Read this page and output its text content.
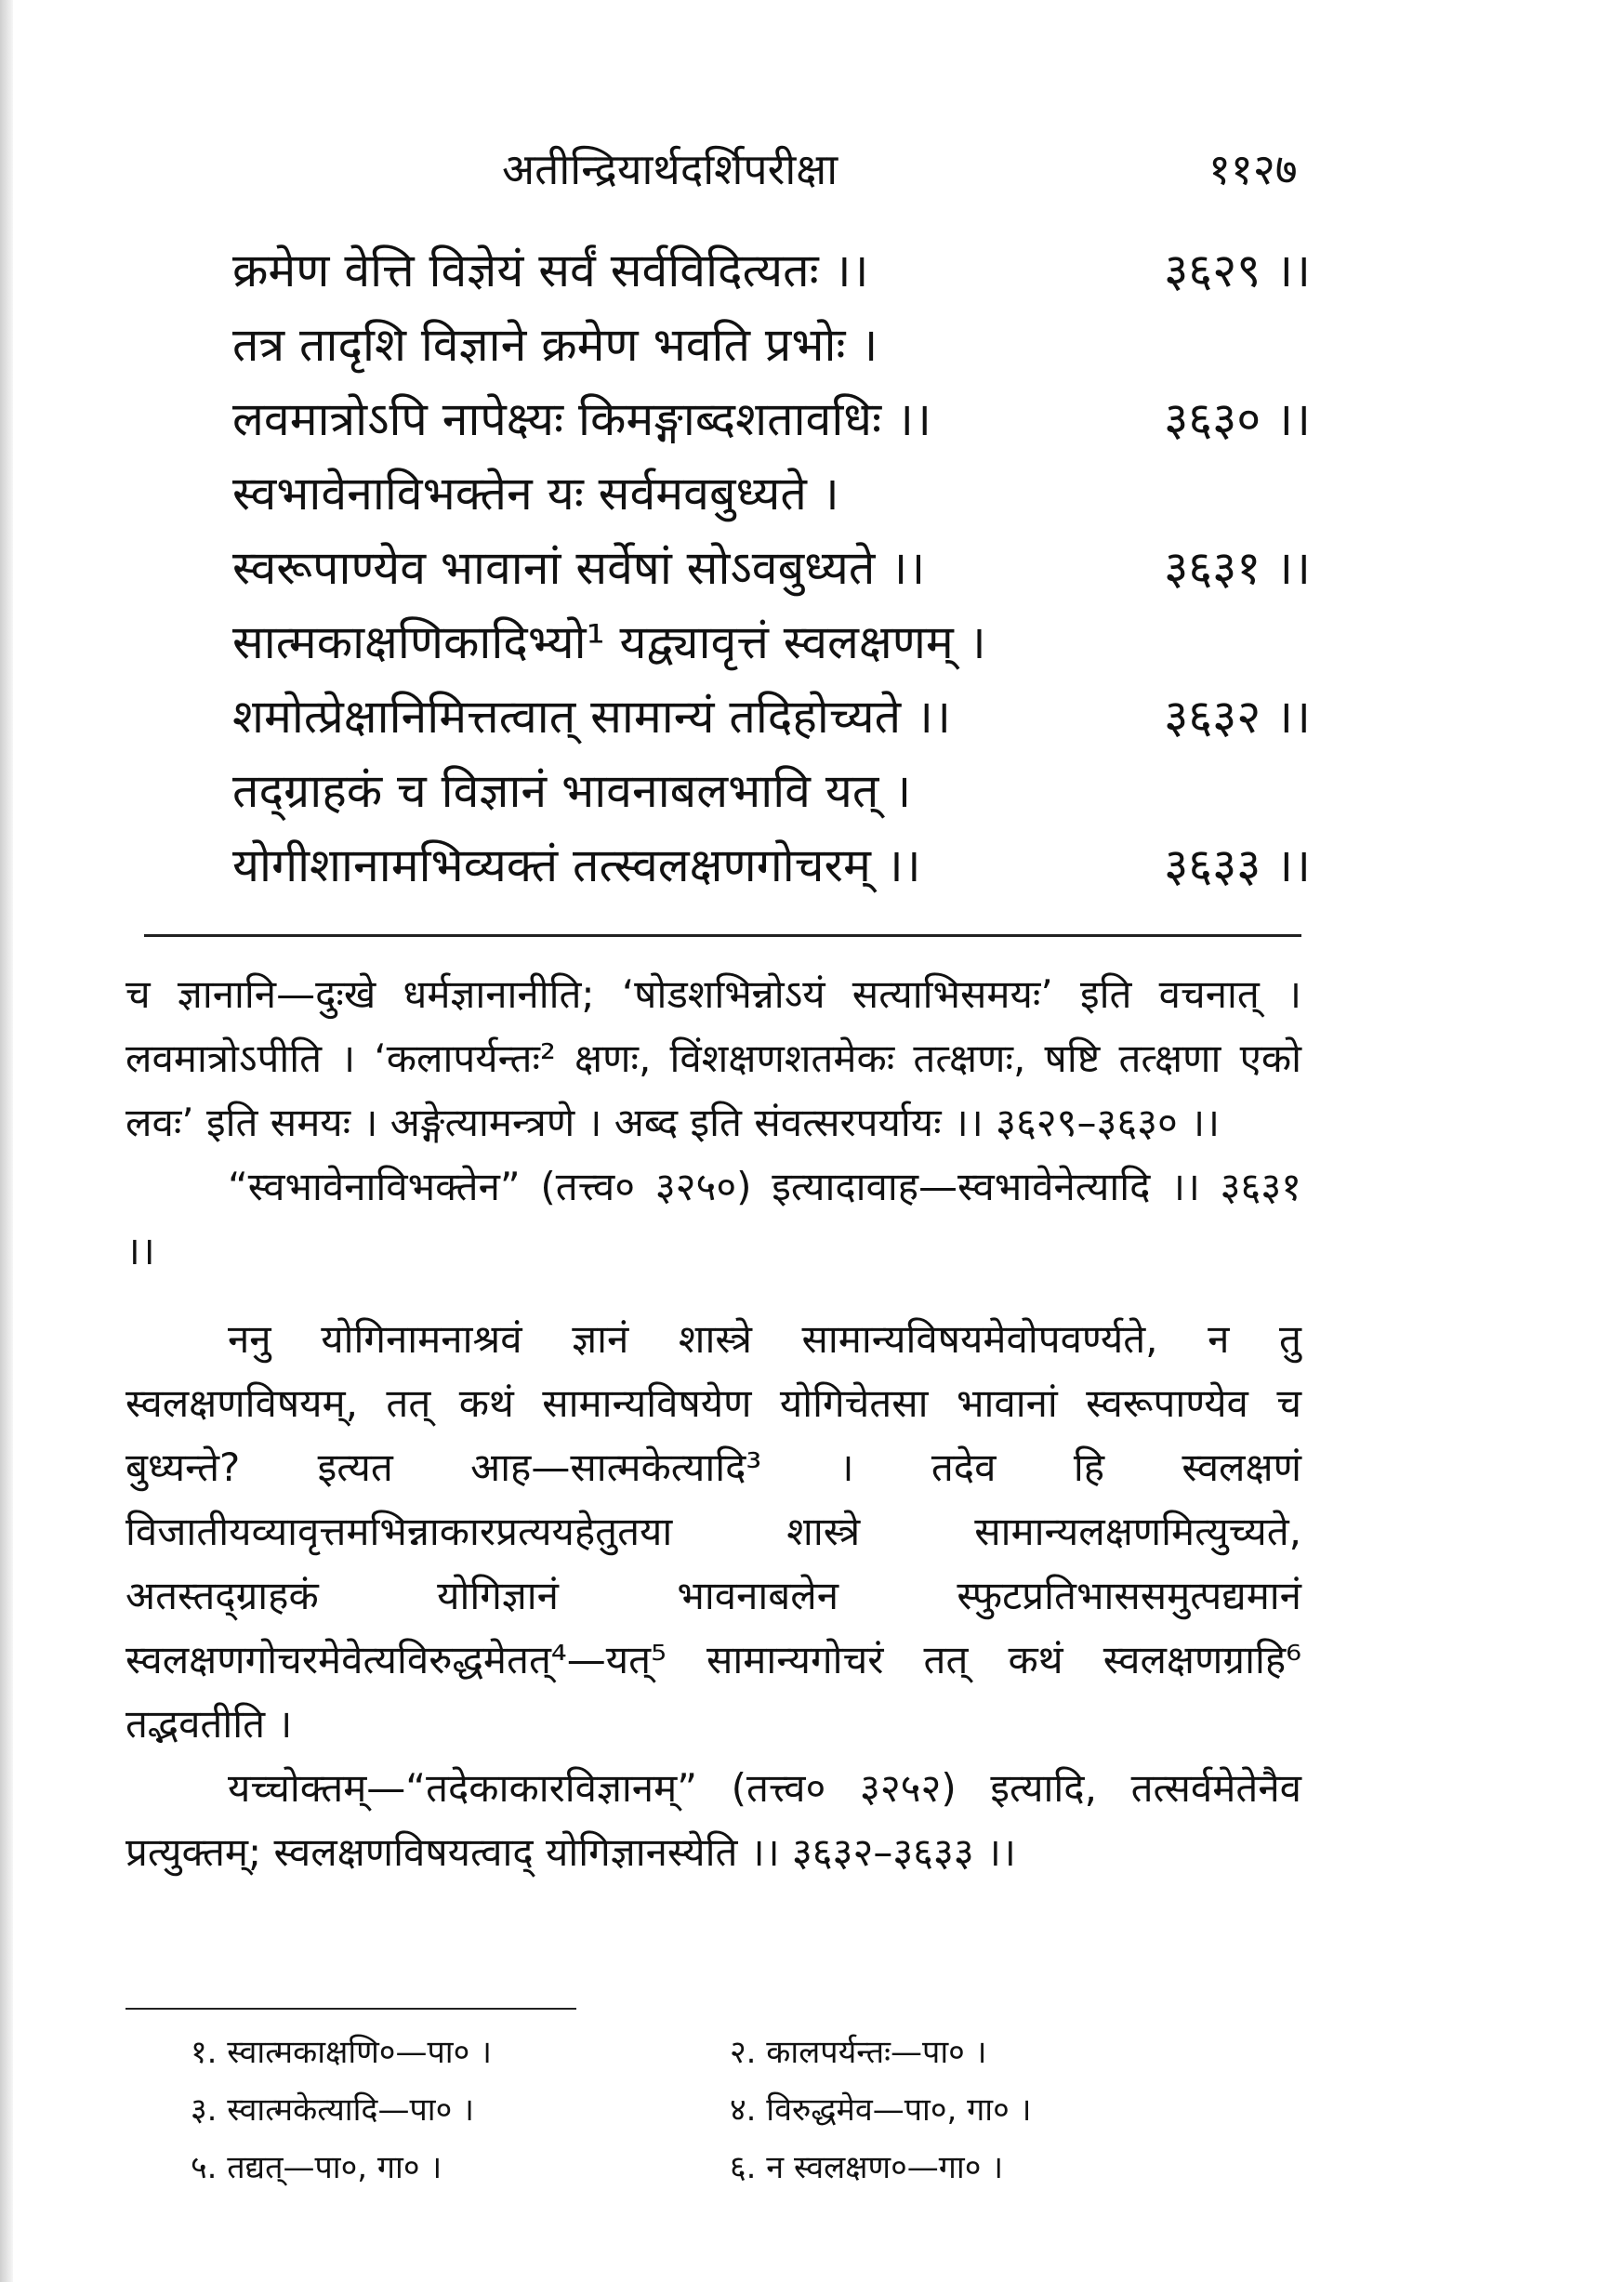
अतीन्द्रियार्थदर्शिपरीक्षा	११२७
क्रमेण वेत्ति विज्ञेयं सर्वं सर्वविदित्यतः ।।	३६२९ ।।
तत्र तादृशि विज्ञाने क्रमेण भवति प्रभोः ।
लवमात्रोऽपि नापेक्ष्यः किमङ्गाब्दशतावधिः ।।	३६३० ।।
स्वभावेनाविभक्तेन यः सर्वमवबुध्यते ।
स्वरूपाण्येव भावानां सर्वेषां सोऽवबुध्यते ।।	३६३१ ।।
सात्मकाक्षणिकादिभ्यो¹ यद्व्यावृत्तं स्वलक्षणम् ।
शमोत्प्रेक्षानिमित्तत्वात् सामान्यं तदिहोच्यते ।।	३६३२ ।।
तद्ग्राहकं च विज्ञानं भावनाबलभावि यत् ।
योगीशानामभिव्यक्तं तत्स्वलक्षणगोचरम् ।।	३६३३ ।।

च ज्ञानानि—दुःखे धर्मज्ञानानीति; ‘षोडशभिन्नोऽयं सत्याभिसमयः’ इति वचनात् । लवमात्रोऽपीति । ‘कलापर्यन्तः² क्षणः, विंशक्षणशतमेकः तत्क्षणः, षष्टि तत्क्षणा एको लवः’ इति समयः । अङ्गेत्यामन्त्रणे । अब्द इति संवत्सरपर्यायः ।। ३६२९–३६३० ।।

“स्वभावेनाविभक्तेन” (तत्त्व० ३२५०) इत्यादावाह—स्वभावेनेत्यादि ।। ३६३१ ।।

ननु योगिनामनाश्रवं ज्ञानं शास्त्रे सामान्यविषयमेवोपवर्ण्यते, न तु स्वलक्षणविषयम्, तत् कथं सामान्यविषयेण योगिचेतसा भावानां स्वरूपाण्येव च बुध्यन्ते? इत्यत आह—सात्मकेत्यादि³ । तदेव हि स्वलक्षणं विजातीयव्यावृत्तमभिन्नाकारप्रत्ययहेतुतया शास्त्रे सामान्यलक्षणमित्युच्यते, अतस्तद्ग्राहकं योगिज्ञानं भावनाबलेन स्फुटप्रतिभाससमुत्पद्यमानं स्वलक्षणगोचरमेवेत्यविरुद्धमेतत्⁴—यत्⁵ सामान्यगोचरं तत् कथं स्वलक्षणग्राहि⁶ तद्भवतीति ।

यच्चोक्तम्—“तदेकाकारविज्ञानम्” (तत्त्व० ३२५२) इत्यादि, तत्सर्वमेतेनैव प्रत्युक्तम्; स्वलक्षणविषयत्वाद् योगिज्ञानस्येति ।। ३६३२–३६३३ ।।

१. स्वात्मकाक्षणि०—पा० ।	२. कालपर्यन्तः—पा० ।
३. स्वात्मकेत्यादि—पा० ।	४. विरुद्धमेव—पा०, गा० ।
५. तद्यत्—पा०, गा० ।	६. न स्वलक्षण०—गा० ।
